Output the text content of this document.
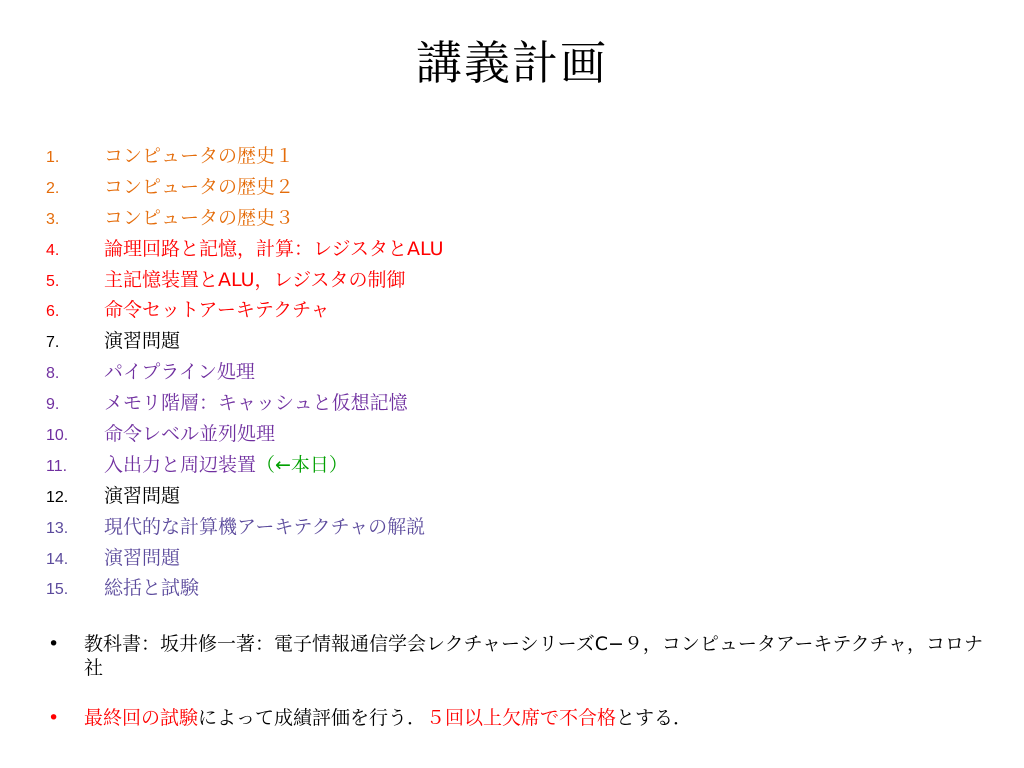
講義計画
1. コンピュータの歴史１
2. コンピュータの歴史２
3. コンピュータの歴史３
4. 論理回路と記憶，計算：レジスタとALU
5. 主記憶装置とALU，レジスタの制御
6. 命令セットアーキテクチャ
7. 演習問題
8. パイプライン処理
9. メモリ階層：キャッシュと仮想記憶
10. 命令レベル並列処理
11. 入出力と周辺装置（←本日）
12. 演習問題
13. 現代的な計算機アーキテクチャの解説
14. 演習問題
15. 総括と試験
• 教科書：坂井修一著：電子情報通信学会レクチャーシリーズC−９，コンピュータアーキテクチャ，コロナ社
• 最終回の試験によって成績評価を行う．５回以上欠席で不合格とする．
